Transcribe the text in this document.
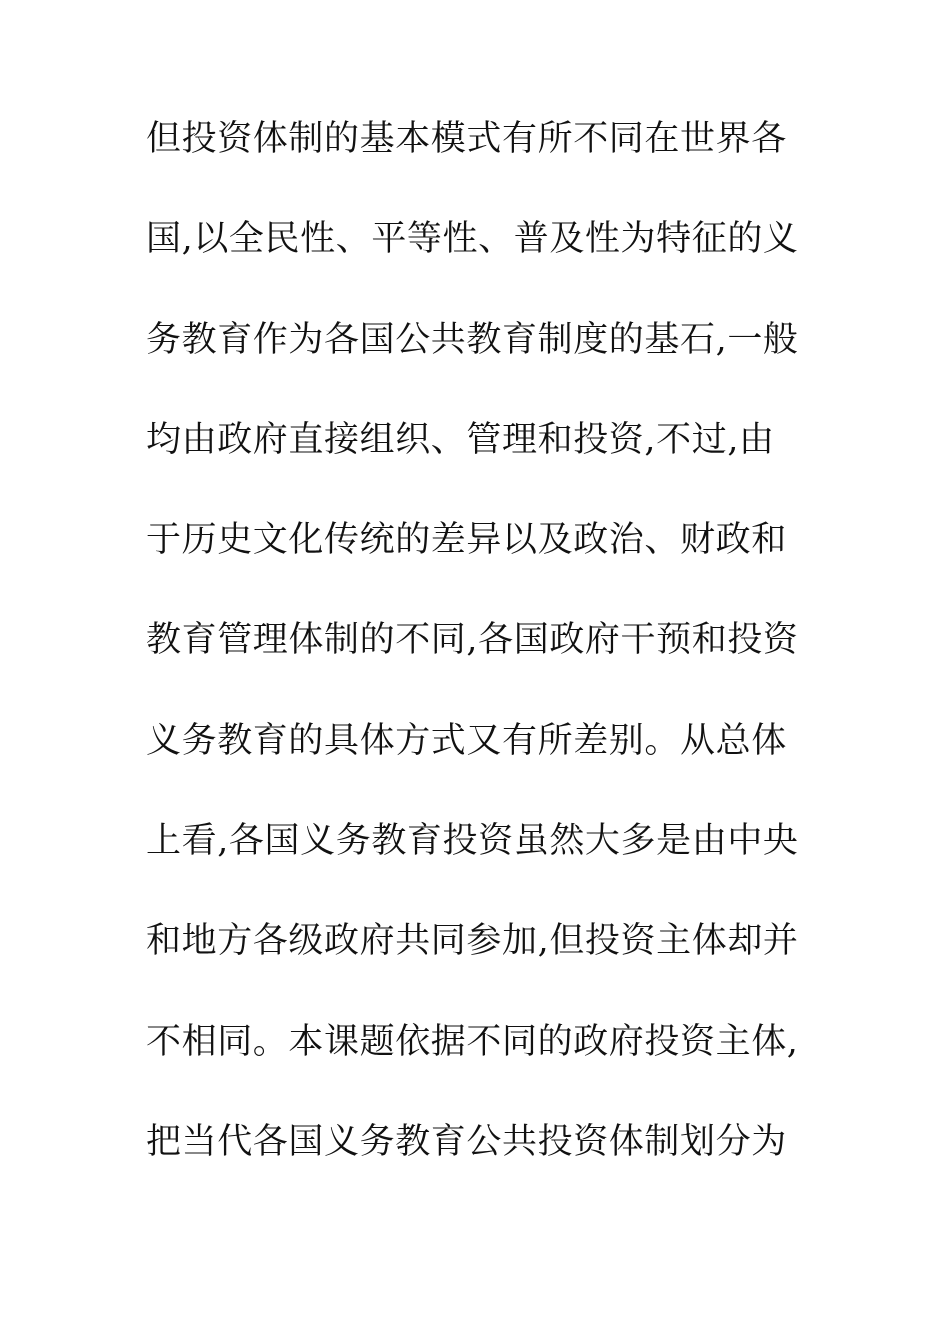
但投资体制的基本模式有所不同在世界各
国,以全民性、平等性、普及性为特征的义
务教育作为各国公共教育制度的基石,一般
均由政府直接组织、管理和投资,不过,由
于历史文化传统的差异以及政治、财政和
教育管理体制的不同,各国政府干预和投资
义务教育的具体方式又有所差别。从总体
上看,各国义务教育投资虽然大多是由中央
和地方各级政府共同参加,但投资主体却并
不相同。本课题依据不同的政府投资主体,
把当代各国义务教育公共投资体制划分为
